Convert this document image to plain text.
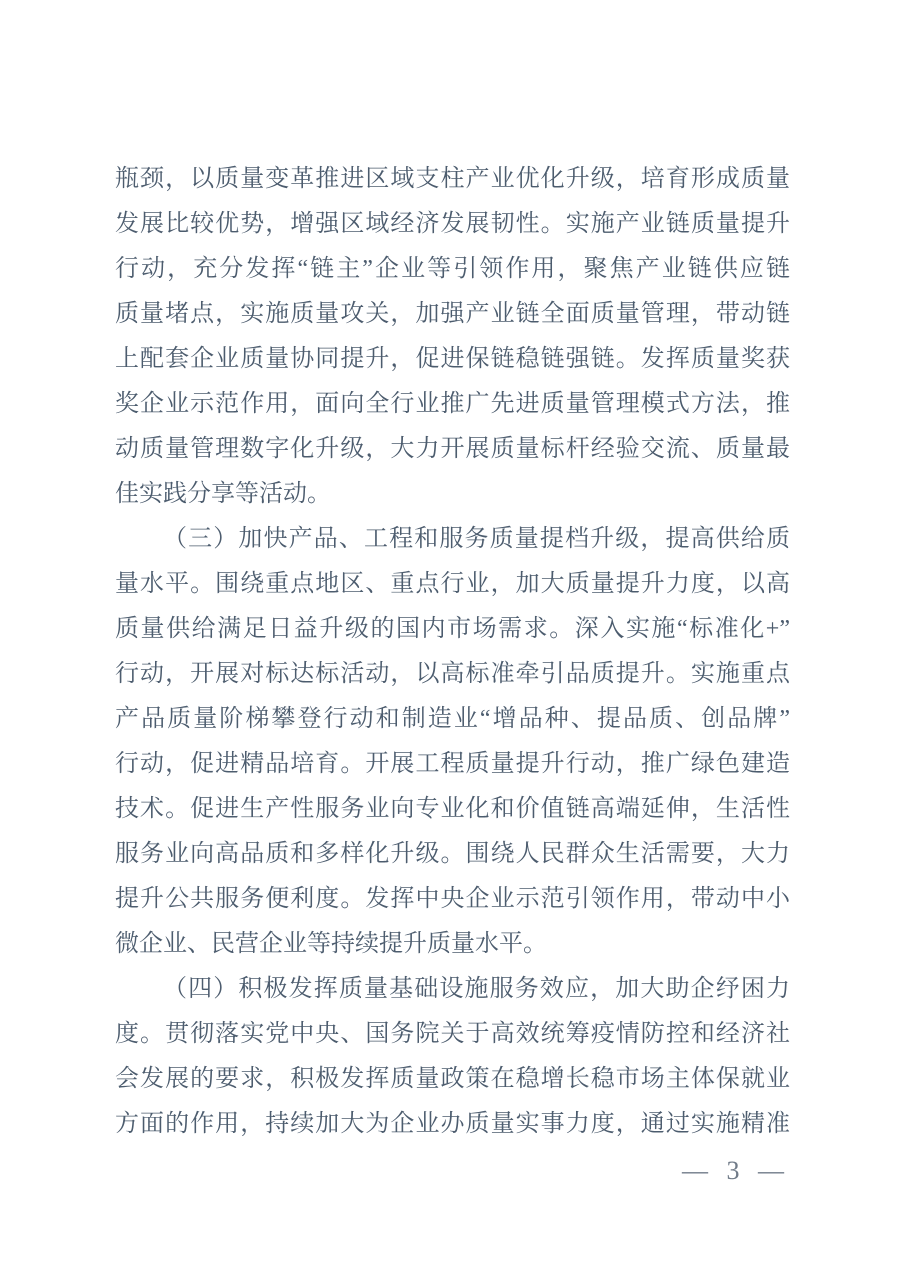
瓶颈，以质量变革推进区域支柱产业优化升级，培育形成质量
发展比较优势，增强区域经济发展韧性。实施产业链质量提升
行动，充分发挥“链主”企业等引领作用，聚焦产业链供应链
质量堵点，实施质量攻关，加强产业链全面质量管理，带动链
上配套企业质量协同提升，促进保链稳链强链。发挥质量奖获
奖企业示范作用，面向全行业推广先进质量管理模式方法，推
动质量管理数字化升级，大力开展质量标杆经验交流、质量最
佳实践分享等活动。
（三）加快产品、工程和服务质量提档升级，提高供给质
量水平。围绕重点地区、重点行业，加大质量提升力度，以高
质量供给满足日益升级的国内市场需求。深入实施“标准化+”
行动，开展对标达标活动，以高标准牵引品质提升。实施重点
产品质量阶梯攀登行动和制造业“增品种、提品质、创品牌”
行动，促进精品培育。开展工程质量提升行动，推广绿色建造
技术。促进生产性服务业向专业化和价值链高端延伸，生活性
服务业向高品质和多样化升级。围绕人民群众生活需要，大力
提升公共服务便利度。发挥中央企业示范引领作用，带动中小
微企业、民营企业等持续提升质量水平。
（四）积极发挥质量基础设施服务效应，加大助企纾困力
度。贯彻落实党中央、国务院关于高效统筹疫情防控和经济社
会发展的要求，积极发挥质量政策在稳增长稳市场主体保就业
方面的作用，持续加大为企业办质量实事力度，通过实施精准
— 3 —
